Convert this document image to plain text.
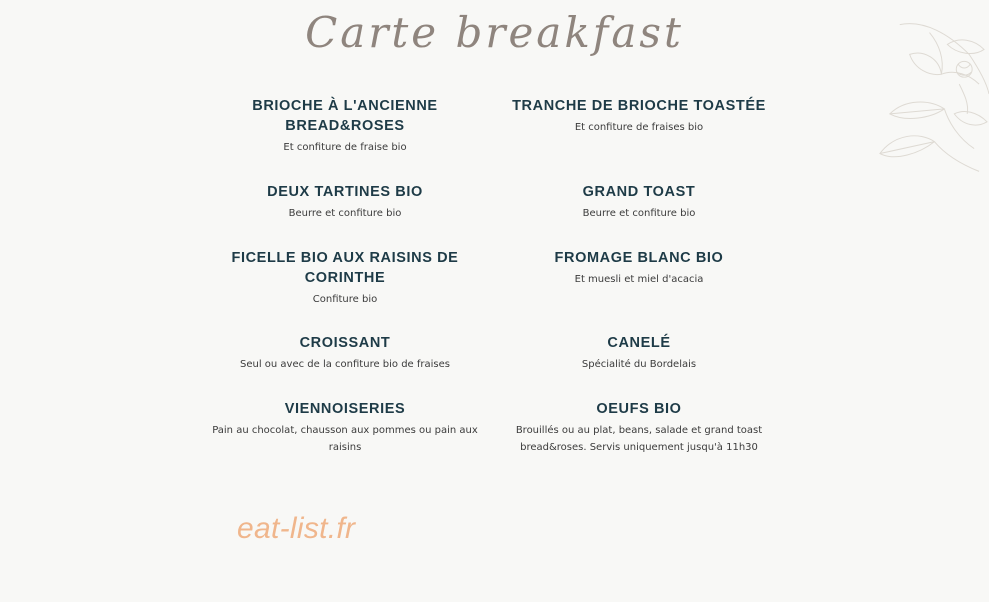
Carte breakfast
BRIOCHE À L'ANCIENNE BREAD&ROSES
Et confiture de fraise bio
DEUX TARTINES BIO
Beurre et confiture bio
FICELLE BIO AUX RAISINS DE CORINTHE
Confiture bio
CROISSANT
Seul ou avec de la confiture bio de fraises
VIENNOISERIES
Pain au chocolat, chausson aux pommes ou pain aux raisins
TRANCHE DE BRIOCHE TOASTÉE
Et confiture de fraises bio
GRAND TOAST
Beurre et confiture bio
FROMAGE BLANC BIO
Et muesli et miel d'acacia
CANELÉ
Spécialité du Bordelais
OEUFS BIO
Brouillés ou au plat, beans, salade et grand toast bread&roses. Servis uniquement jusqu'à 11h30
eat-list.fr
